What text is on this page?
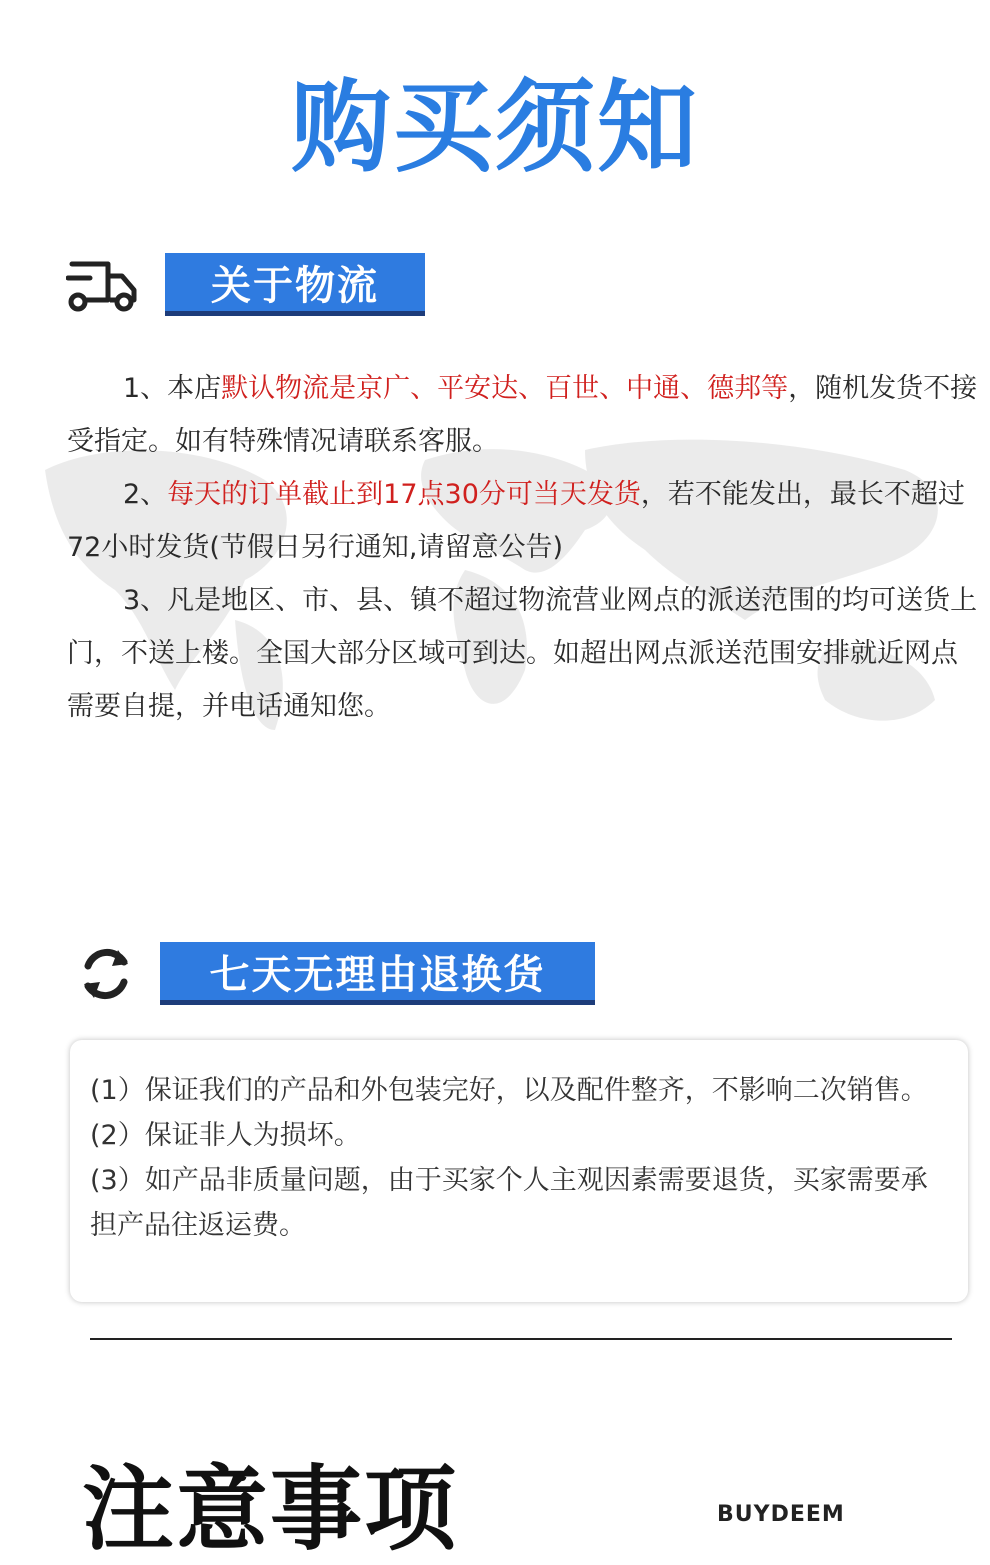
购买须知
关于物流

1、本店默认物流是京广、平安达、百世、中通、德邦等，随机发货不接受指定。如有特殊情况请联系客服。

2、每天的订单截止到17点30分可当天发货，若不能发出，最长不超过72小时发货(节假日另行通知,请留意公告)

3、凡是地区、市、县、镇不超过物流营业网点的派送范围的均可送货上门，不送上楼。全国大部分区域可到达。如超出网点派送范围安排就近网点需要自提，并电话通知您。

七天无理由退换货

(1）保证我们的产品和外包装完好，以及配件整齐，不影响二次销售。

(2）保证非人为损坏。

(3）如产品非质量问题，由于买家个人主观因素需要退货，买家需要承担产品往返运费。

注意事项	BUYDEEM
